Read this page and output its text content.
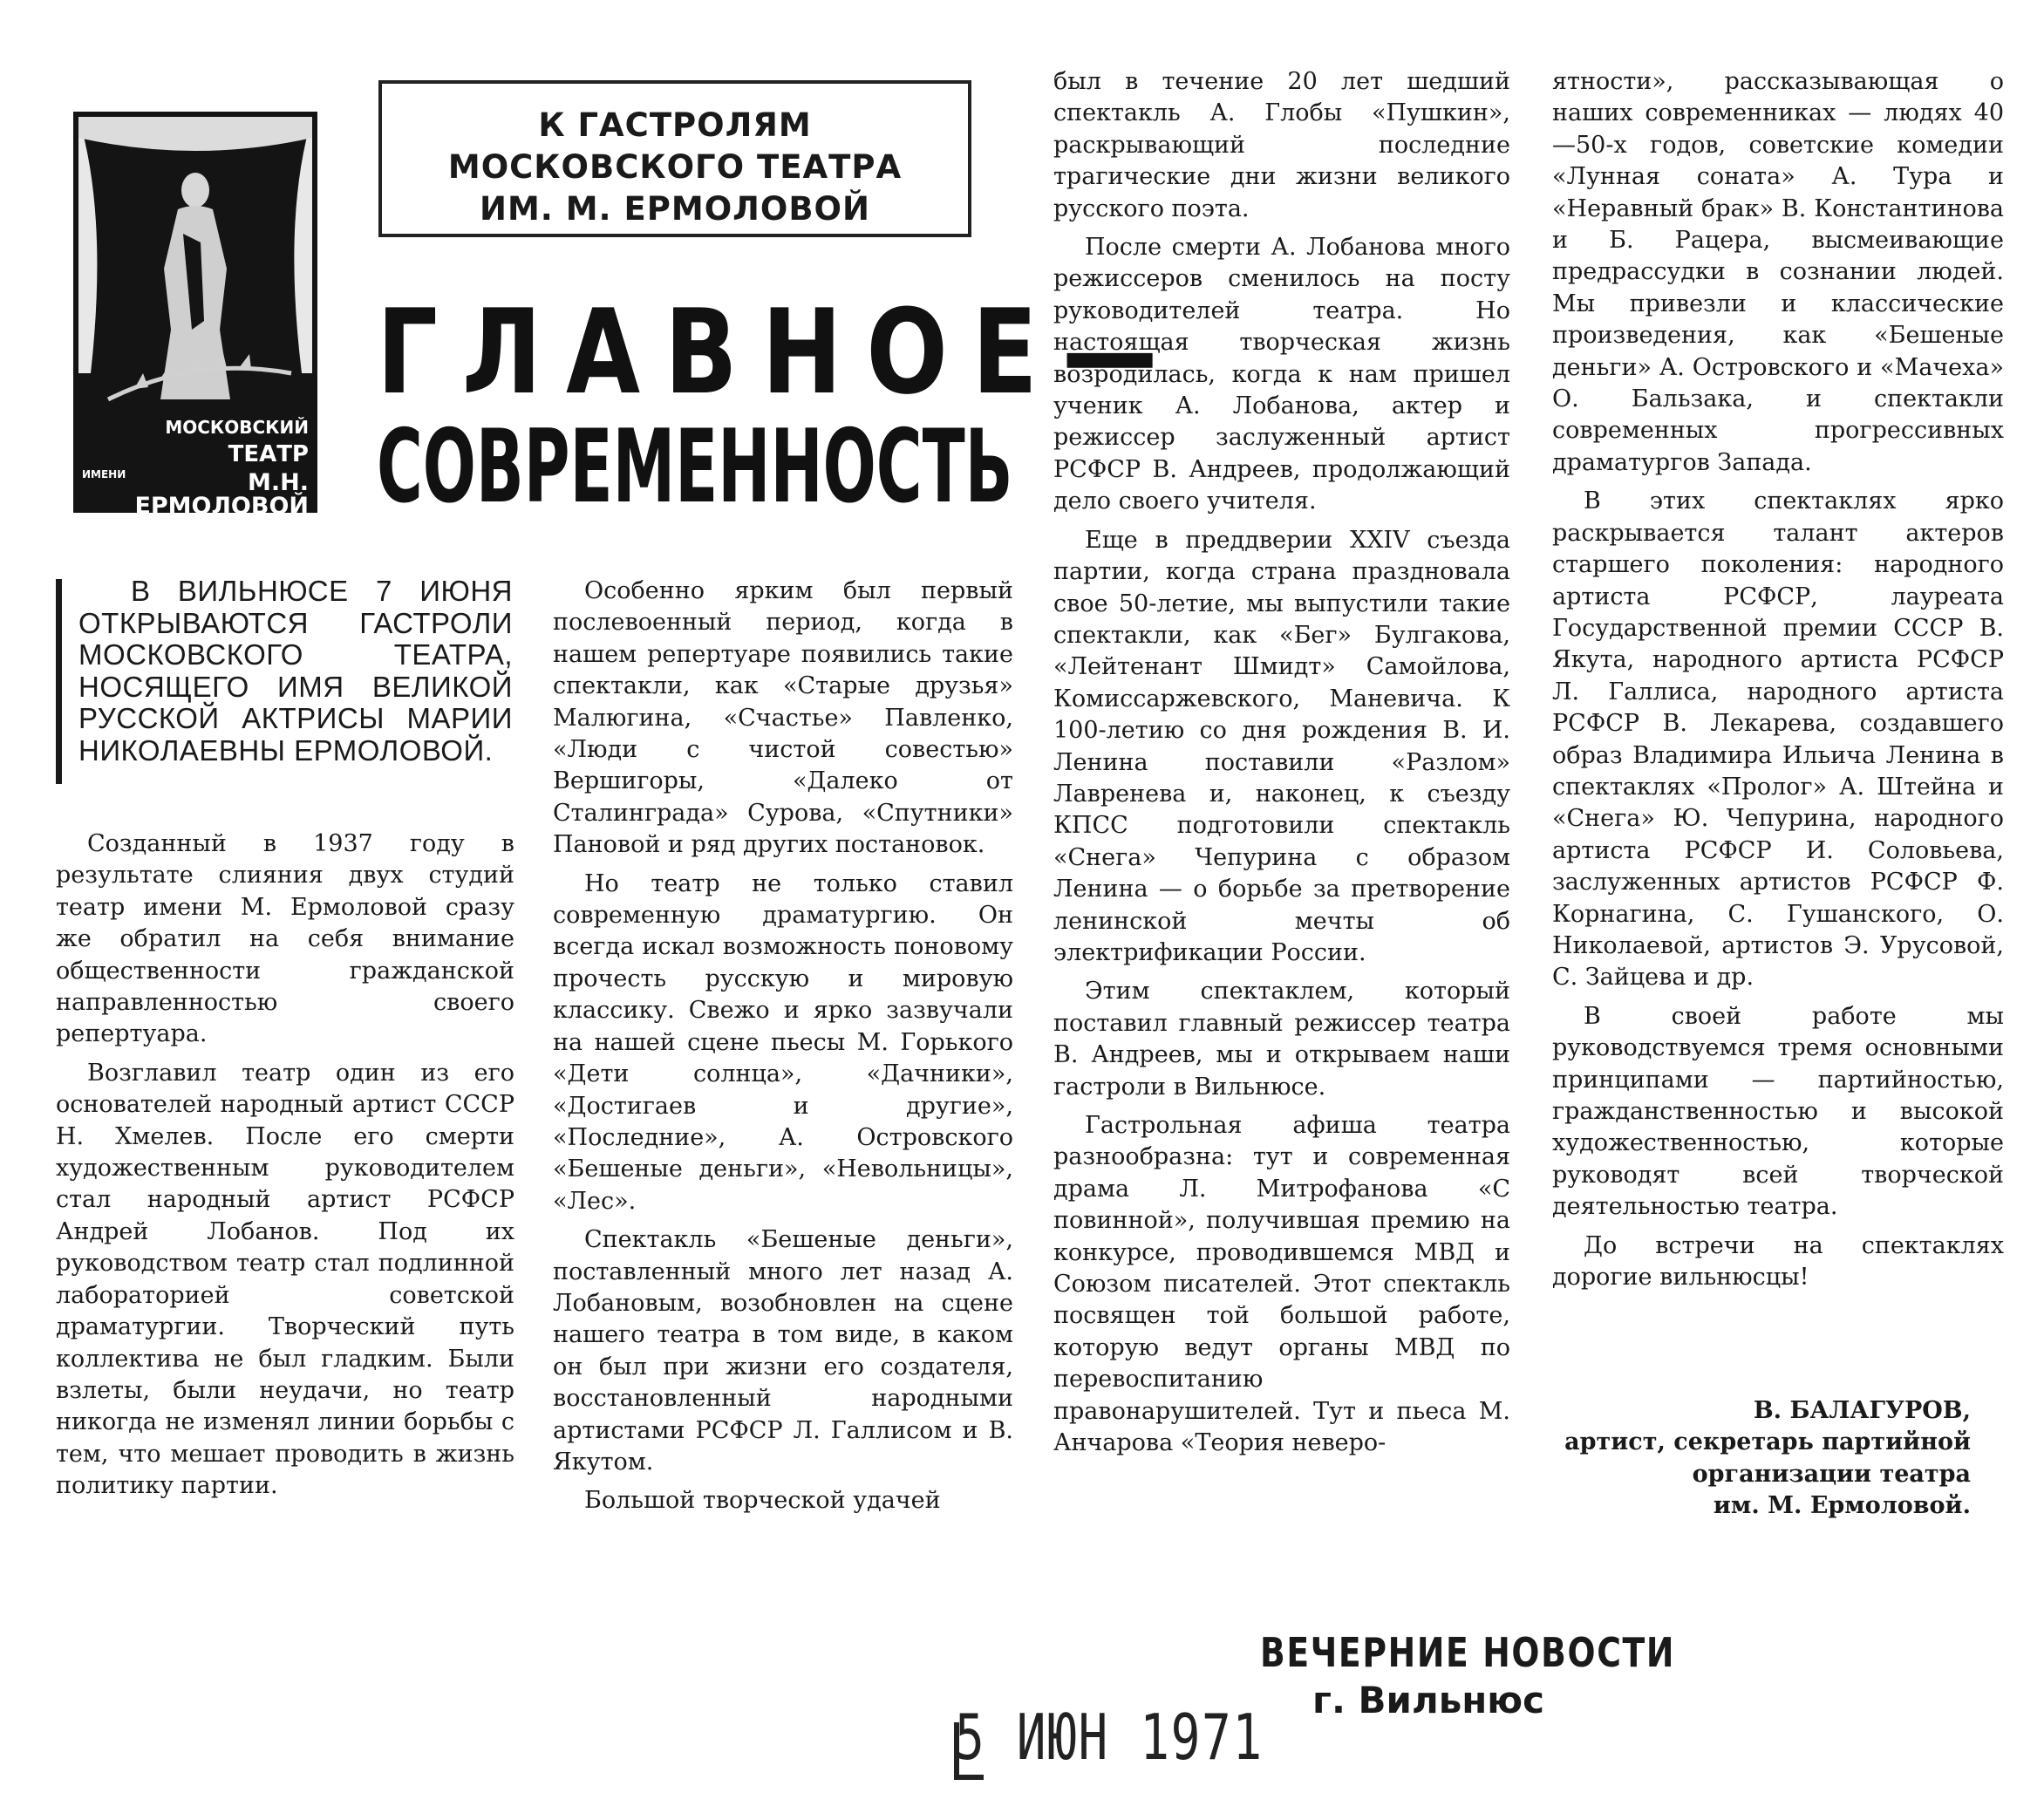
МОСКОВСКИЙ
ТЕАТР
ИМЕНИ	М.Н. ЕРМОЛОВОЙ
К ГАСТРОЛЯМ
МОСКОВСКОГО ТЕАТРА
ИМ. М. ЕРМОЛОВОЙ
ГЛАВНОЕ—
СОВРЕМЕННОСТЬ

В ВИЛЬНЮСЕ 7 ИЮНЯ ОТКРЫВАЮТСЯ ГАСТРОЛИ МОСКОВСКОГО ТЕАТРА, НОСЯЩЕГО ИМЯ ВЕЛИКОЙ РУССКОЙ АКТРИСЫ МАРИИ НИКОЛАЕВНЫ ЕРМОЛОВОЙ.

Созданный в 1937 году в результате слияния двух студий театр имени М. Ермоловой сразу же обратил на себя внимание общественности гражданской направленностью своего репертуара.

Возглавил театр один из его основателей народный артист СССР Н. Хмелев. После его смерти художественным руководителем стал народный артист РСФСР Андрей Лобанов. Под их руководством театр стал подлинной лабораторией советской драматургии. Творческий путь коллектива не был гладким. Были взлеты, были неудачи, но театр никогда не изменял линии борьбы с тем, что мешает проводить в жизнь политику партии.

Особенно ярким был первый послевоенный период, когда в нашем репертуаре появились такие спектакли, как «Старые друзья» Малюгина, «Счастье» Павленко, «Люди с чистой совестью» Вершигоры, «Далеко от Сталинграда» Сурова, «Спутники» Пановой и ряд других постановок.

Но театр не только ставил современную драматургию. Он всегда искал возможность поновому прочесть русскую и мировую классику. Свежо и ярко зазвучали на нашей сцене пьесы М. Горького «Дети солнца», «Дачники», «Достигаев и другие», «Последние», А. Островского «Бешеные деньги», «Невольницы», «Лес».

Спектакль «Бешеные деньги», поставленный много лет назад А. Лобановым, возобновлен на сцене нашего театра в том виде, в каком он был при жизни его создателя, восстановленный народными артистами РСФСР Л. Галлисом и В. Якутом.

Большой творческой удачей

был в течение 20 лет шедший спектакль А. Глобы «Пушкин», раскрывающий последние трагические дни жизни великого русского поэта.

После смерти А. Лобанова много режиссеров сменилось на посту руководителей театра. Но настоящая творческая жизнь возродилась, когда к нам пришел ученик А. Лобанова, актер и режиссер заслуженный артист РСФСР В. Андреев, продолжающий дело своего учителя.

Еще в преддверии XXIV съезда партии, когда страна праздновала свое 50-летие, мы выпустили такие спектакли, как «Бег» Булгакова, «Лейтенант Шмидт» Самойлова, Комиссаржевского, Маневича. К 100-летию со дня рождения В. И. Ленина поставили «Разлом» Лавренева и, наконец, к съезду КПСС подготовили спектакль «Снега» Чепурина с образом Ленина — о борьбе за претворение ленинской мечты об электрификации России.

Этим спектаклем, который поставил главный режиссер театра В. Андреев, мы и открываем наши гастроли в Вильнюсе.

Гастрольная афиша театра разнообразна: тут и современная драма Л. Митрофанова «С повинной», получившая премию на конкурсе, проводившемся МВД и Союзом писателей. Этот спектакль посвящен той большой работе, которую ведут органы МВД по перевоспитанию правонарушителей. Тут и пьеса М. Анчарова «Теория неверо-

ятности», рассказывающая о наших современниках — людях 40—50-х годов, советские комедии «Лунная соната» А. Тура и «Неравный брак» В. Константинова и Б. Рацера, высмеивающие предрассудки в сознании людей. Мы привезли и классические произведения, как «Бешеные деньги» А. Островского и «Мачеха» О. Бальзака, и спектакли современных прогрессивных драматургов Запада.

В этих спектаклях ярко раскрывается талант актеров старшего поколения: народного артиста РСФСР, лауреата Государственной премии СССР В. Якута, народного артиста РСФСР Л. Галлиса, народного артиста РСФСР В. Лекарева, создавшего образ Владимира Ильича Ленина в спектаклях «Пролог» А. Штейна и «Снега» Ю. Чепурина, народного артиста РСФСР И. Соловьева, заслуженных артистов РСФСР Ф. Корнагина, С. Гушанского, О. Николаевой, артистов Э. Урусовой, С. Зайцева и др.

В своей работе мы руководствуемся тремя основными принципами — партийностью, гражданственностью и высокой художественностью, которые руководят всей творческой деятельностью театра.

До встречи на спектаклях дорогие вильнюсцы!

В. БАЛАГУРОВ,
артист, секретарь партийной
организации театра
им. М. Ермоловой.
ВЕЧЕРНИЕ НОВОСТИ
г. Вильнюс
5 ИЮН 1971
